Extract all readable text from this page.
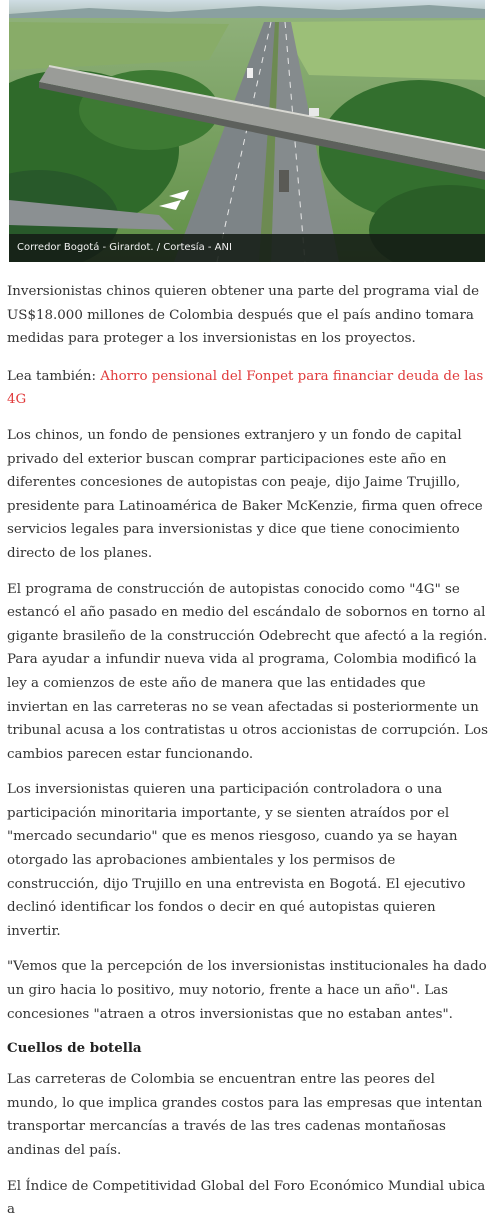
Corredor Bogotá - Girardot. / Cortesía - ANI

Inversionistas chinos quieren obtener una parte del programa vial de US$18.000 millones de Colombia después que el país andino tomara medidas para proteger a los inversionistas en los proyectos.

Lea también: Ahorro pensional del Fonpet para financiar deuda de las 4G

Los chinos, un fondo de pensiones extranjero y un fondo de capital privado del exterior buscan comprar participaciones este año en diferentes concesiones de autopistas con peaje, dijo Jaime Trujillo, presidente para Latinoamérica de Baker McKenzie, firma quen ofrece servicios legales para inversionistas y dice que tiene conocimiento directo de los planes.

El programa de construcción de autopistas conocido como "4G" se estancó el año pasado en medio del escándalo de sobornos en torno al gigante brasileño de la construcción Odebrecht que afectó a la región. Para ayudar a infundir nueva vida al programa, Colombia modificó la ley a comienzos de este año de manera que las entidades que inviertan en las carreteras no se vean afectadas si posteriormente un tribunal acusa a los contratistas u otros accionistas de corrupción. Los cambios parecen estar funcionando.

Los inversionistas quieren una participación controladora o una participación minoritaria importante, y se sienten atraídos por el "mercado secundario" que es menos riesgoso, cuando ya se hayan otorgado las aprobaciones ambientales y los permisos de construcción, dijo Trujillo en una entrevista en Bogotá. El ejecutivo declinó identificar los fondos o decir en qué autopistas quieren invertir.

"Vemos que la percepción de los inversionistas institucionales ha dado un giro hacia lo positivo, muy notorio, frente a hace un año". Las concesiones "atraen a otros inversionistas que no estaban antes".

Cuellos de botella

Las carreteras de Colombia se encuentran entre las peores del mundo, lo que implica grandes costos para las empresas que intentan transportar mercancías a través de las tres cadenas montañosas andinas del país.

El Índice de Competitividad Global del Foro Económico Mundial ubica a
